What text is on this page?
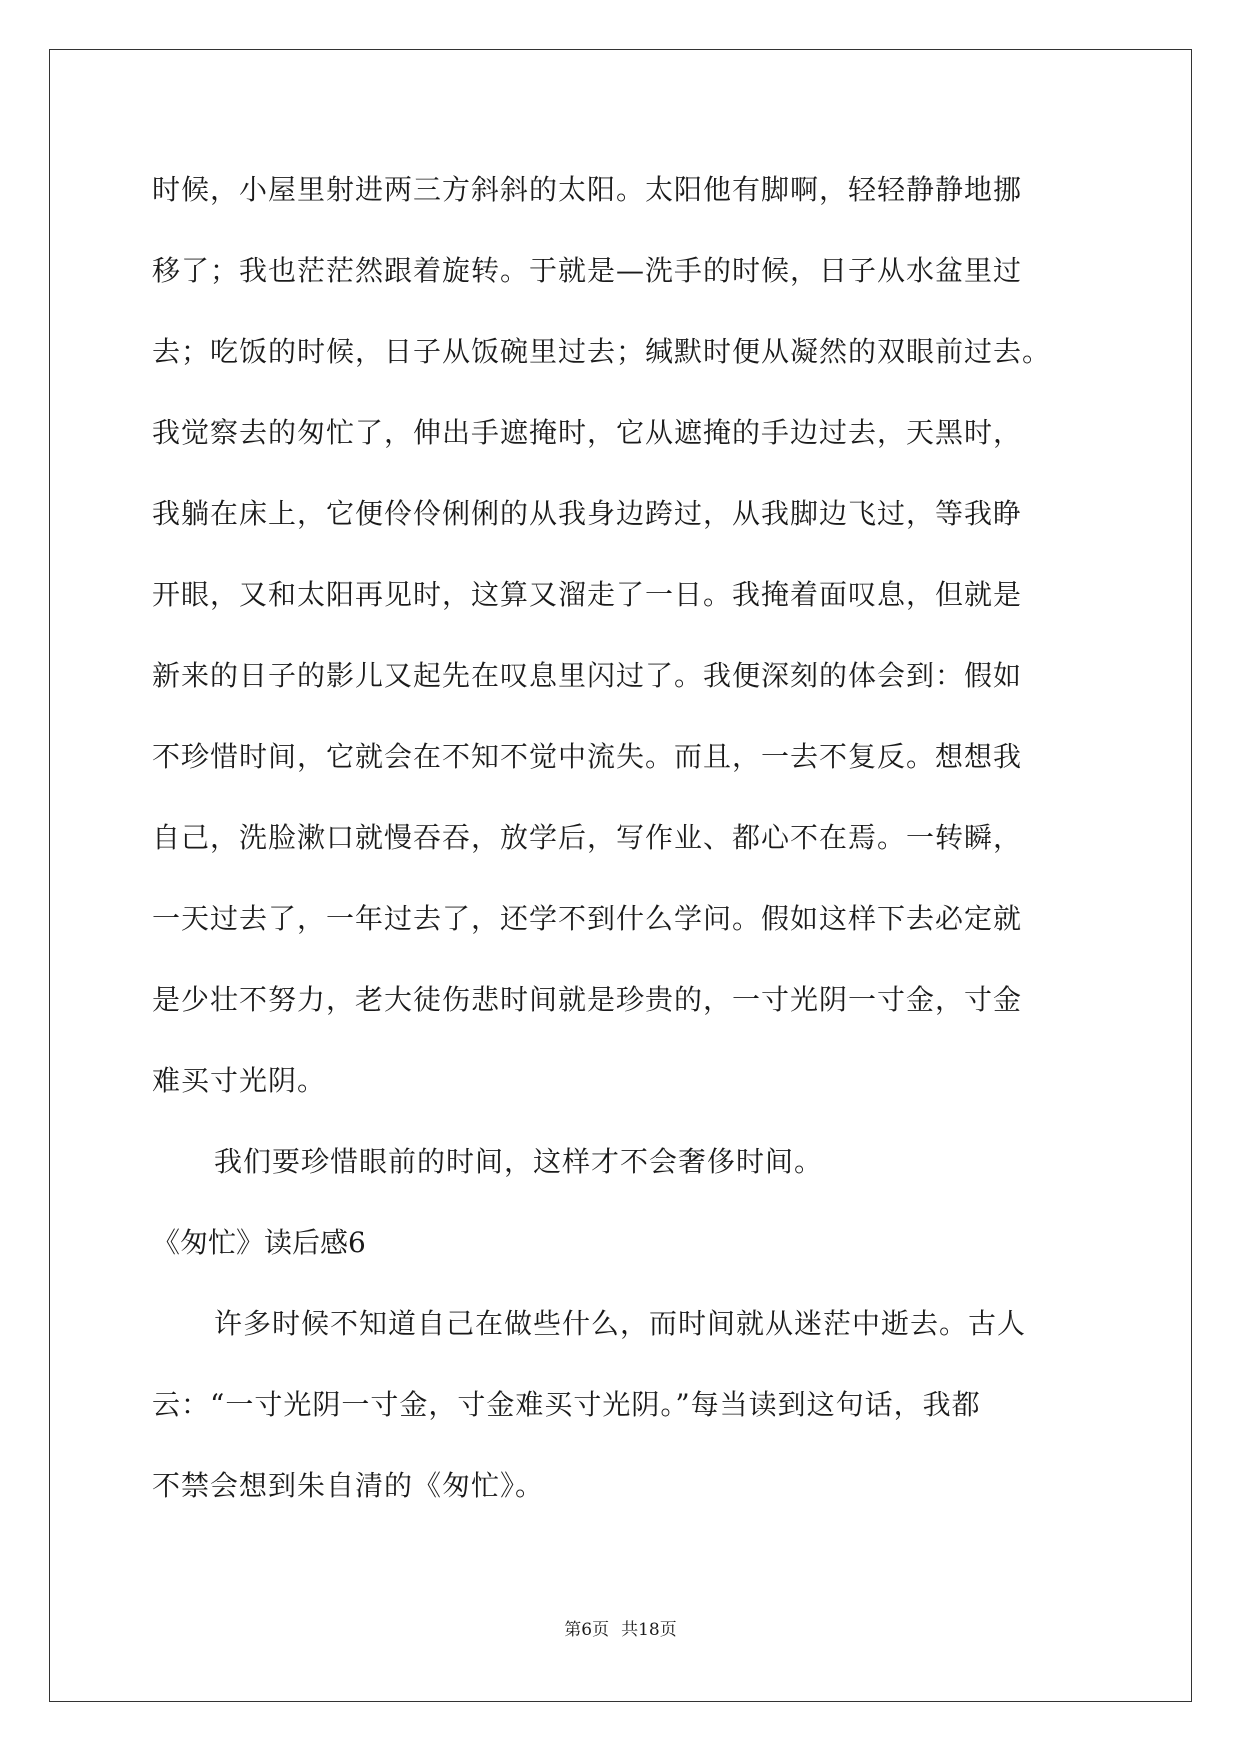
时候，小屋里射进两三方斜斜的太阳。太阳他有脚啊，轻轻静静地挪
移了；我也茫茫然跟着旋转。于就是—洗手的时候，日子从水盆里过
去；吃饭的时候，日子从饭碗里过去；缄默时便从凝然的双眼前过去。
我觉察去的匆忙了，伸出手遮掩时，它从遮掩的手边过去，天黑时，
我躺在床上，它便伶伶俐俐的从我身边跨过，从我脚边飞过，等我睁
开眼，又和太阳再见时，这算又溜走了一日。我掩着面叹息，但就是
新来的日子的影儿又起先在叹息里闪过了。我便深刻的体会到：假如
不珍惜时间，它就会在不知不觉中流失。而且，一去不复反。想想我
自己，洗脸漱口就慢吞吞，放学后，写作业、都心不在焉。一转瞬，
一天过去了，一年过去了，还学不到什么学问。假如这样下去必定就
是少壮不努力，老大徒伤悲时间就是珍贵的，一寸光阴一寸金，寸金
难买寸光阴。
我们要珍惜眼前的时间，这样才不会奢侈时间。
《匆忙》读后感6
许多时候不知道自己在做些什么，而时间就从迷茫中逝去。古人
云：“一寸光阴一寸金，寸金难买寸光阴。”每当读到这句话，我都
不禁会想到朱自清的《匆忙》。
第6页 共18页
